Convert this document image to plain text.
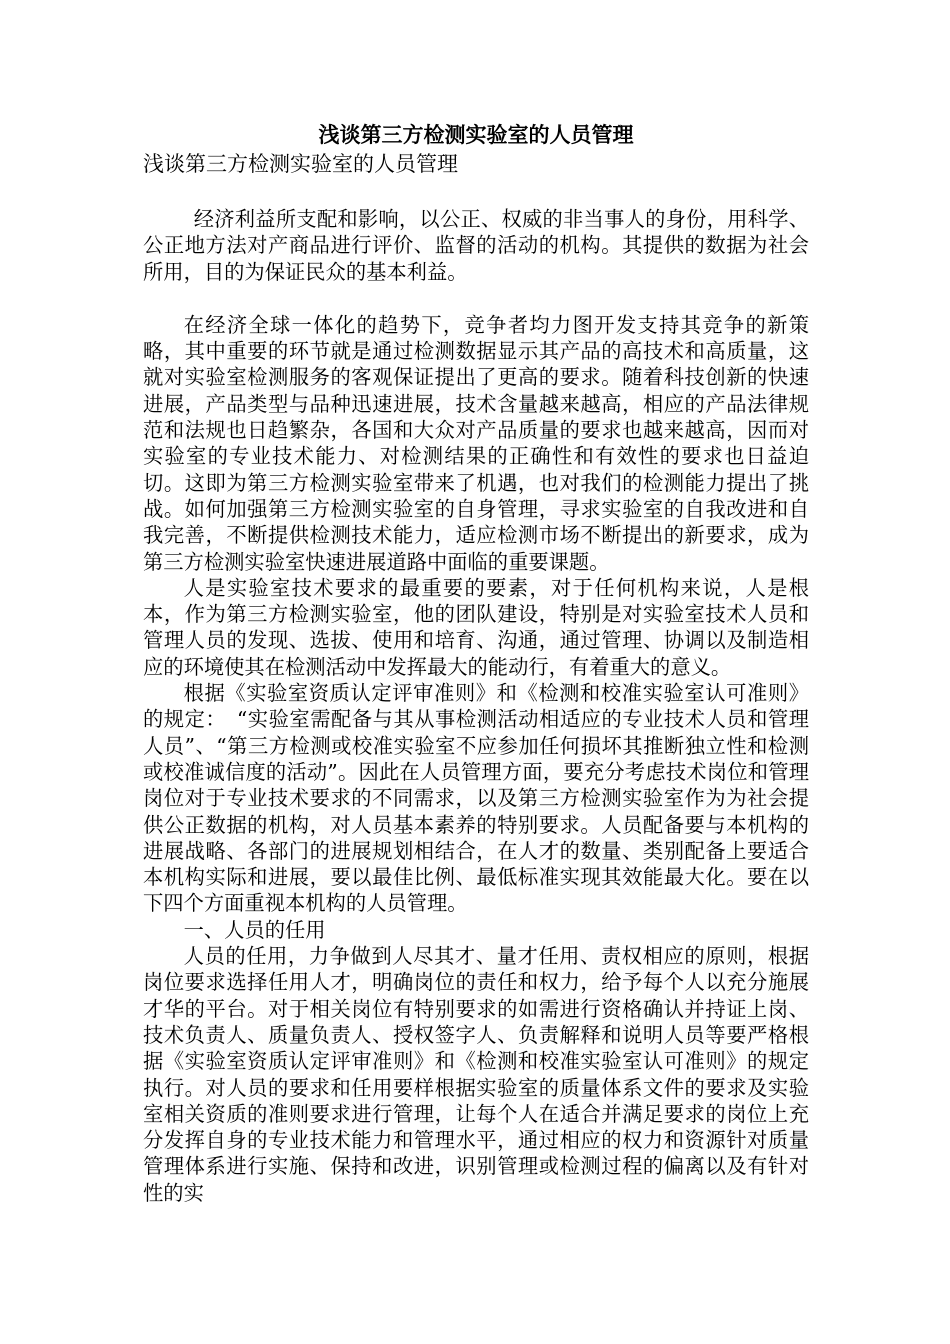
浅谈第三方检测实验室的人员管理
浅谈第三方检测实验室的人员管理

经济利益所支配和影响，以公正、权威的非当事人的身份，用科学、公正地方法对产商品进行评价、监督的活动的机构。其提供的数据为社会所用，目的为保证民众的基本利益。

在经济全球一体化的趋势下，竞争者均力图开发支持其竞争的新策略，其中重要的环节就是通过检测数据显示其产品的高技术和高质量，这就对实验室检测服务的客观保证提出了更高的要求。随着科技创新的快速进展，产品类型与品种迅速进展，技术含量越来越高，相应的产品法律规范和法规也日趋繁杂，各国和大众对产品质量的要求也越来越高，因而对实验室的专业技术能力、对检测结果的正确性和有效性的要求也日益迫切。这即为第三方检测实验室带来了机遇，也对我们的检测能力提出了挑战。如何加强第三方检测实验室的自身管理，寻求实验室的自我改进和自我完善，不断提供检测技术能力，适应检测市场不断提出的新要求，成为第三方检测实验室快速进展道路中面临的重要课题。

人是实验室技术要求的最重要的要素，对于任何机构来说，人是根本，作为第三方检测实验室，他的团队建设，特别是对实验室技术人员和管理人员的发现、选拔、使用和培育、沟通，通过管理、协调以及制造相应的环境使其在检测活动中发挥最大的能动行，有着重大的意义。

根据《实验室资质认定评审准则》和《检测和校准实验室认可准则》的规定：　“实验室需配备与其从事检测活动相适应的专业技术人员和管理人员”、“第三方检测或校准实验室不应参加任何损坏其推断独立性和检测或校准诚信度的活动”。因此在人员管理方面，要充分考虑技术岗位和管理岗位对于专业技术要求的不同需求，以及第三方检测实验室作为为社会提供公正数据的机构，对人员基本素养的特别要求。人员配备要与本机构的进展战略、各部门的进展规划相结合，在人才的数量、类别配备上要适合本机构实际和进展，要以最佳比例、最低标准实现其效能最大化。要在以下四个方面重视本机构的人员管理。

一、人员的任用

人员的任用，力争做到人尽其才、量才任用、责权相应的原则，根据岗位要求选择任用人才，明确岗位的责任和权力，给予每个人以充分施展才华的平台。对于相关岗位有特别要求的如需进行资格确认并持证上岗、技术负责人、质量负责人、授权签字人、负责解释和说明人员等要严格根据《实验室资质认定评审准则》和《检测和校准实验室认可准则》的规定执行。对人员的要求和任用要样根据实验室的质量体系文件的要求及实验室相关资质的准则要求进行管理，让每个人在适合并满足要求的岗位上充分发挥自身的专业技术能力和管理水平，通过相应的权力和资源针对质量管理体系进行实施、保持和改进，识别管理或检测过程的偏离以及有针对性的实
